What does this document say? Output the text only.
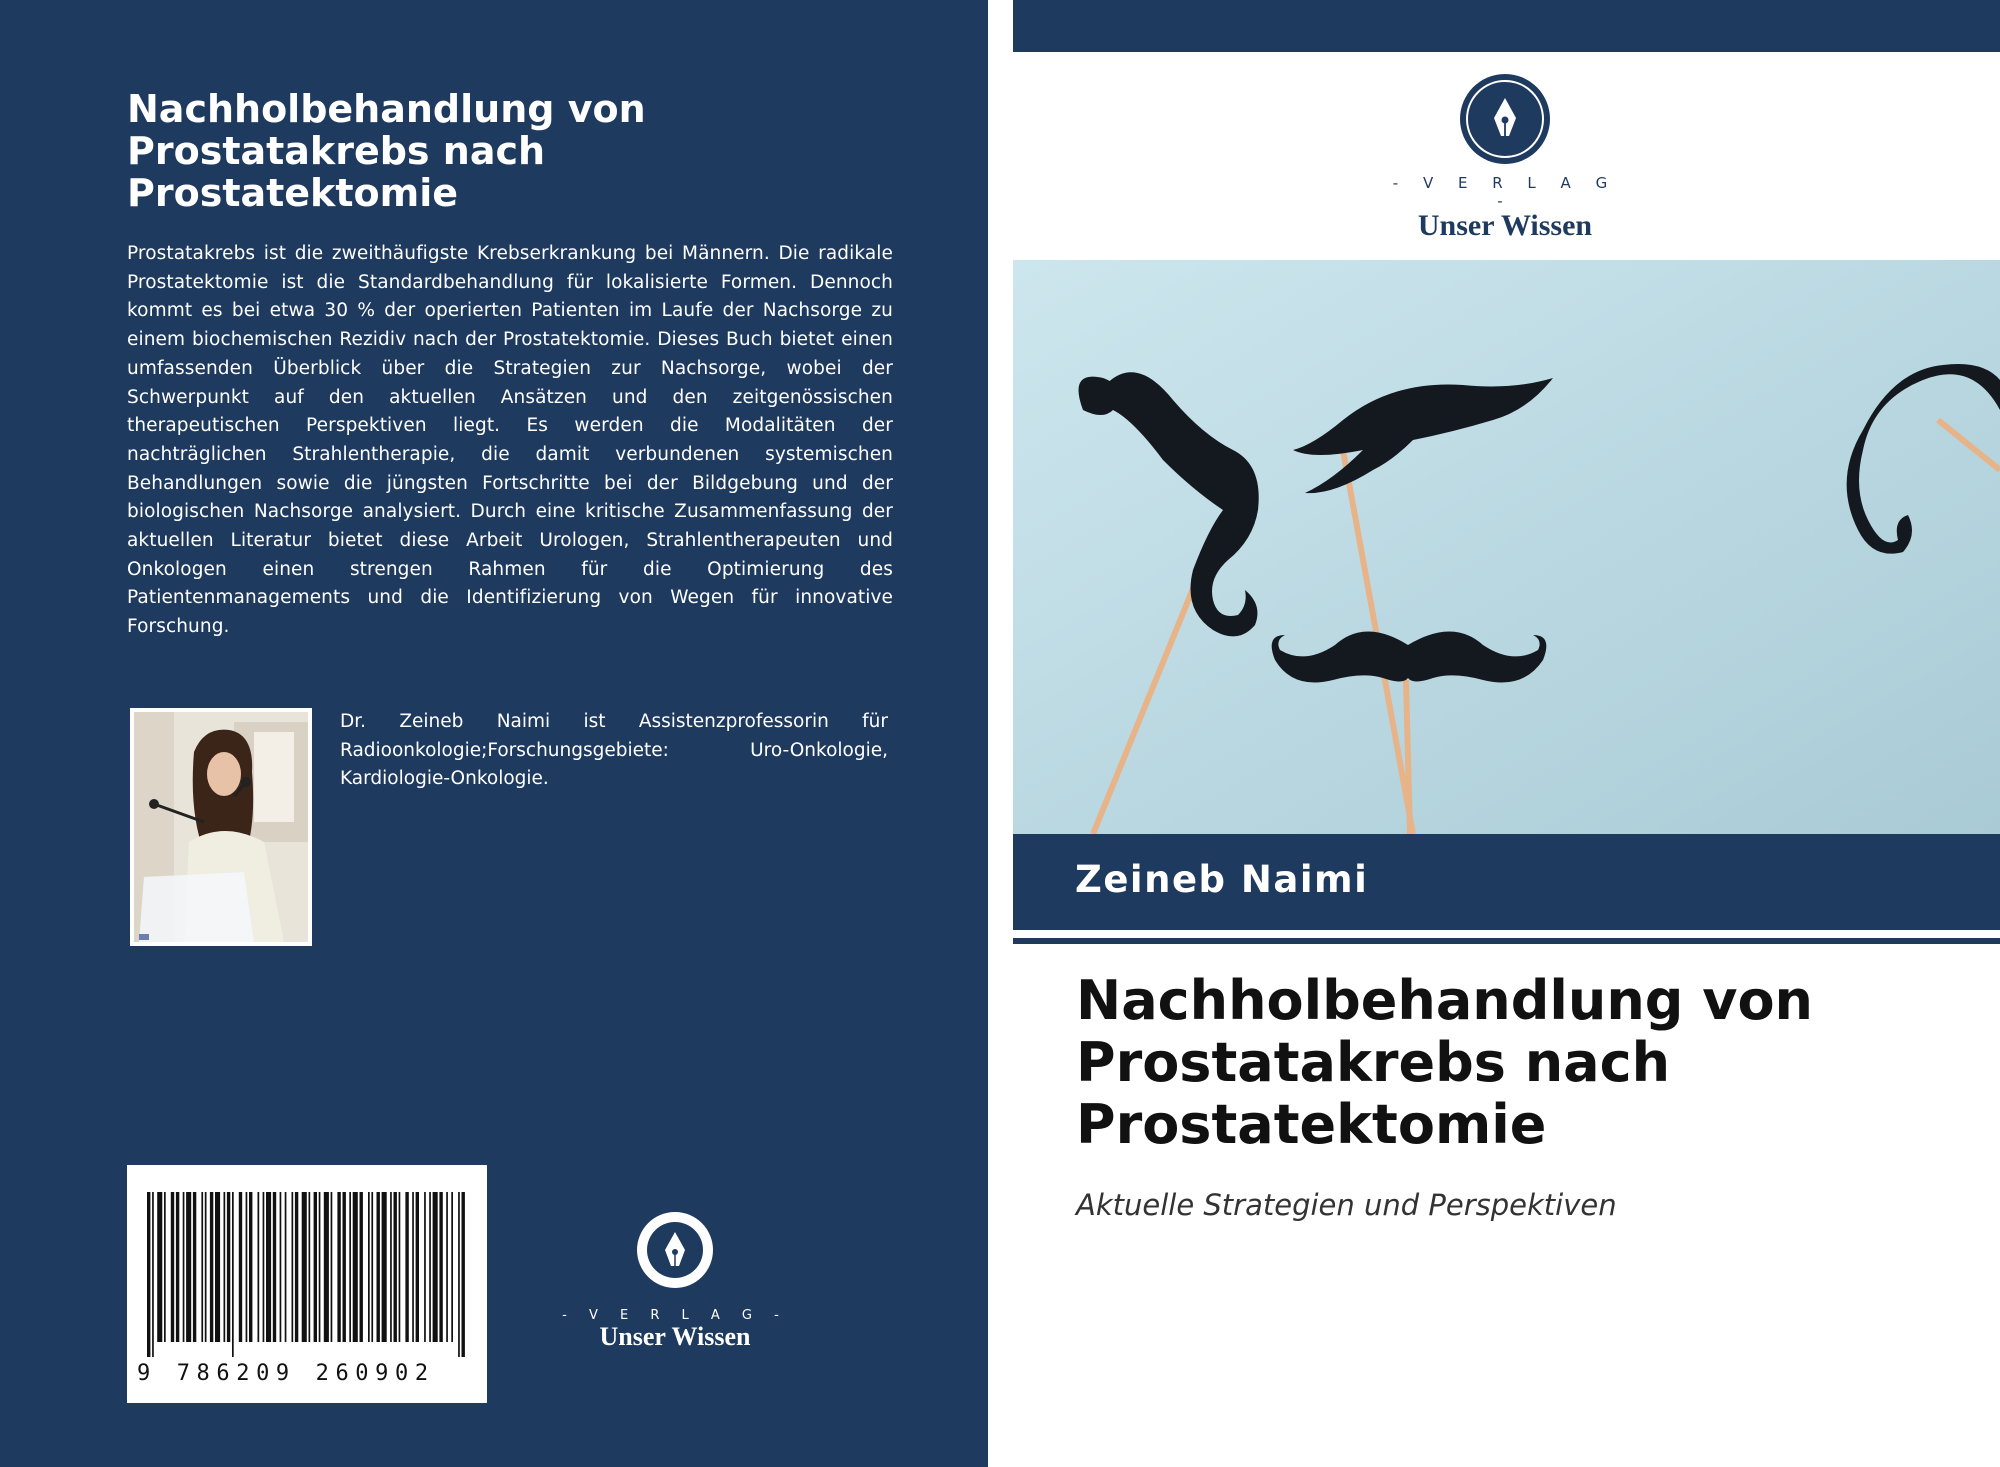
Nachholbehandlung von
Prostatakrebs nach
Prostatektomie

Prostatakrebs ist die zweithäufigste Krebserkrankung bei Männern. Die radikale Prostatektomie ist die Standardbehandlung für lokalisierte Formen. Dennoch kommt es bei etwa 30 % der operierten Patienten im Laufe der Nachsorge zu einem biochemischen Rezidiv nach der Prostatektomie. Dieses Buch bietet einen umfassenden Überblick über die Strategien zur Nachsorge, wobei der Schwerpunkt auf den aktuellen Ansätzen und den zeitgenössischen therapeutischen Perspektiven liegt. Es werden die Modalitäten der nachträglichen Strahlentherapie, die damit verbundenen systemischen Behandlungen sowie die jüngsten Fortschritte bei der Bildgebung und der biologischen Nachsorge analysiert. Durch eine kritische Zusammenfassung der aktuellen Literatur bietet diese Arbeit Urologen, Strahlentherapeuten und Onkologen einen strengen Rahmen für die Optimierung des Patientenmanagements und die Identifizierung von Wegen für innovative Forschung.

Dr. Zeineb Naimi ist Assistenzprofessorin für Radioonkologie;Forschungsgebiete: Uro-Onkologie, Kardiologie-Onkologie.

9 786209 260902
- V E R L A G -
Unser Wissen
- V E R L A G -
Unser Wissen
Zeineb Naimi
Nachholbehandlung von
Prostatakrebs nach
Prostatektomie
Aktuelle Strategien und Perspektiven
